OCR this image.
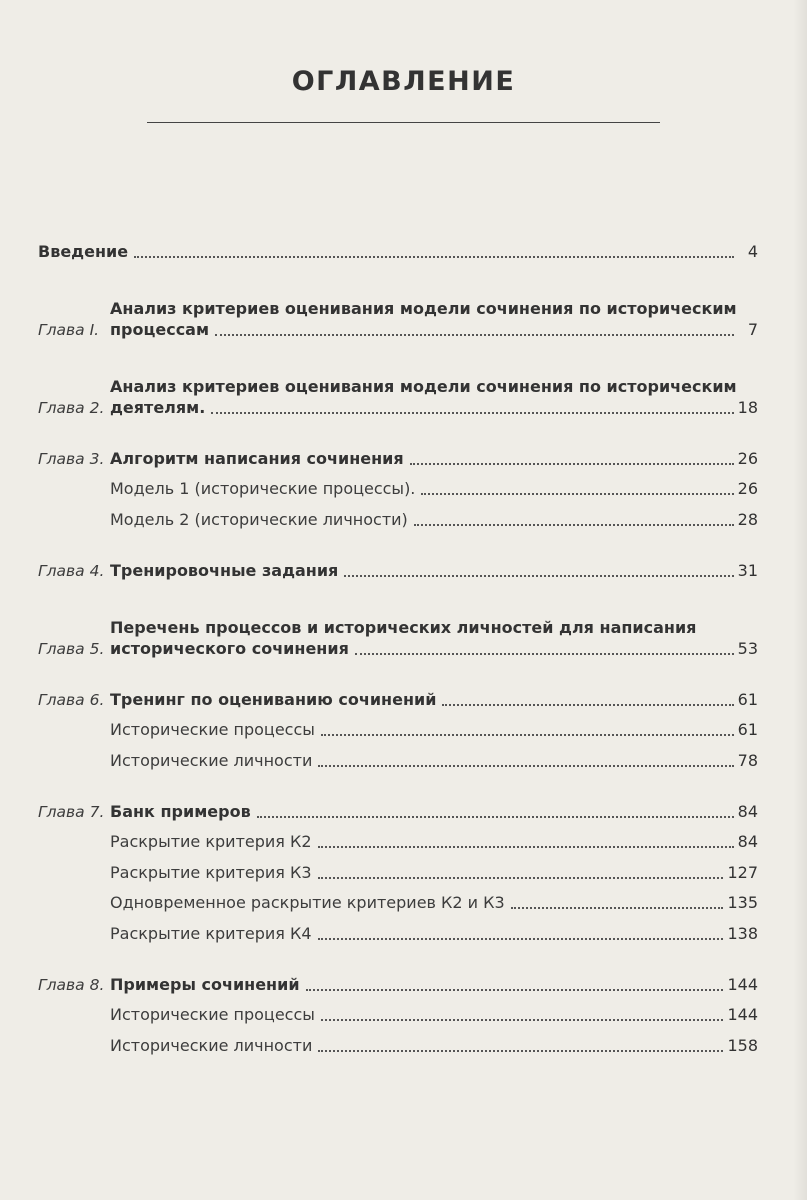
ОГЛАВЛЕНИЕ
Введение	4
Анализ критериев оценивания модели сочинения по историческим
Глава I. процессам	7
Анализ критериев оценивания модели сочинения по историческим
Глава 2. деятелям.	18
Глава 3. Алгоритм написания сочинения	26
Модель 1 (исторические процессы).	26
Модель 2 (исторические личности)	28
Глава 4. Тренировочные задания	31
Перечень процессов и исторических личностей для написания
Глава 5. исторического сочинения	53
Глава 6. Тренинг по оцениванию сочинений	61
Исторические процессы	61
Исторические личности	78
Глава 7. Банк примеров	84
Раскрытие критерия К2	84
Раскрытие критерия К3	127
Одновременное раскрытие критериев К2 и К3	135
Раскрытие критерия К4	138
Глава 8. Примеры сочинений	144
Исторические процессы	144
Исторические личности	158
